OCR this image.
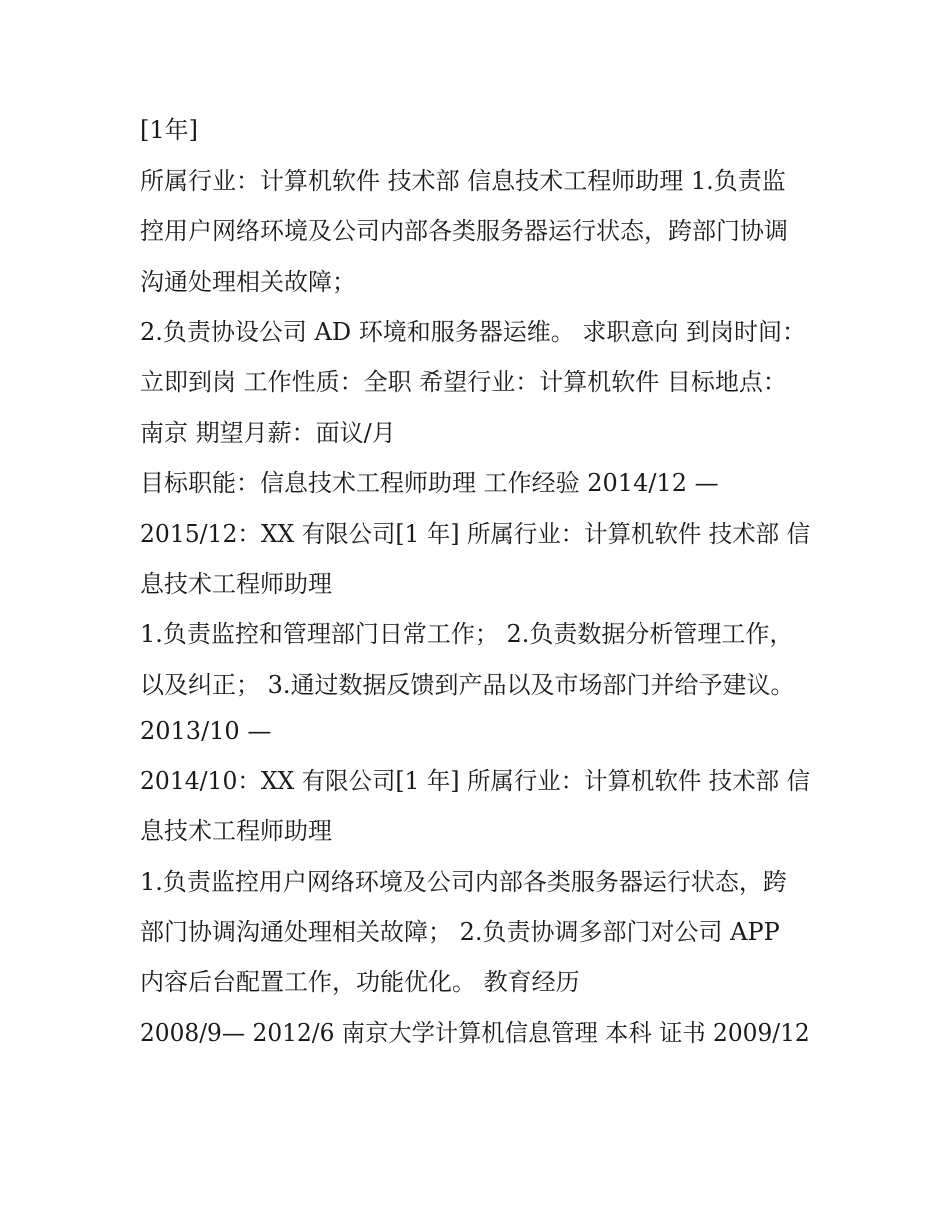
[1年]
所属行业：计算机软件 技术部 信息技术工程师助理 1.负责监
控用户网络环境及公司内部各类服务器运行状态，跨部门协调
沟通处理相关故障；
2.负责协设公司 AD 环境和服务器运维。 求职意向 到岗时间：
立即到岗 工作性质：全职 希望行业：计算机软件 目标地点：
南京 期望月薪：面议/月
目标职能：信息技术工程师助理 工作经验 2014/12 —
2015/12：XX 有限公司[1 年] 所属行业：计算机软件 技术部 信
息技术工程师助理
1.负责监控和管理部门日常工作； 2.负责数据分析管理工作，
以及纠正； 3.通过数据反馈到产品以及市场部门并给予建议。
2013/10 —
2014/10：XX 有限公司[1 年] 所属行业：计算机软件 技术部 信
息技术工程师助理
1.负责监控用户网络环境及公司内部各类服务器运行状态，跨
部门协调沟通处理相关故障； 2.负责协调多部门对公司 APP
内容后台配置工作，功能优化。 教育经历
2008/9— 2012/6 南京大学计算机信息管理 本科 证书 2009/12
